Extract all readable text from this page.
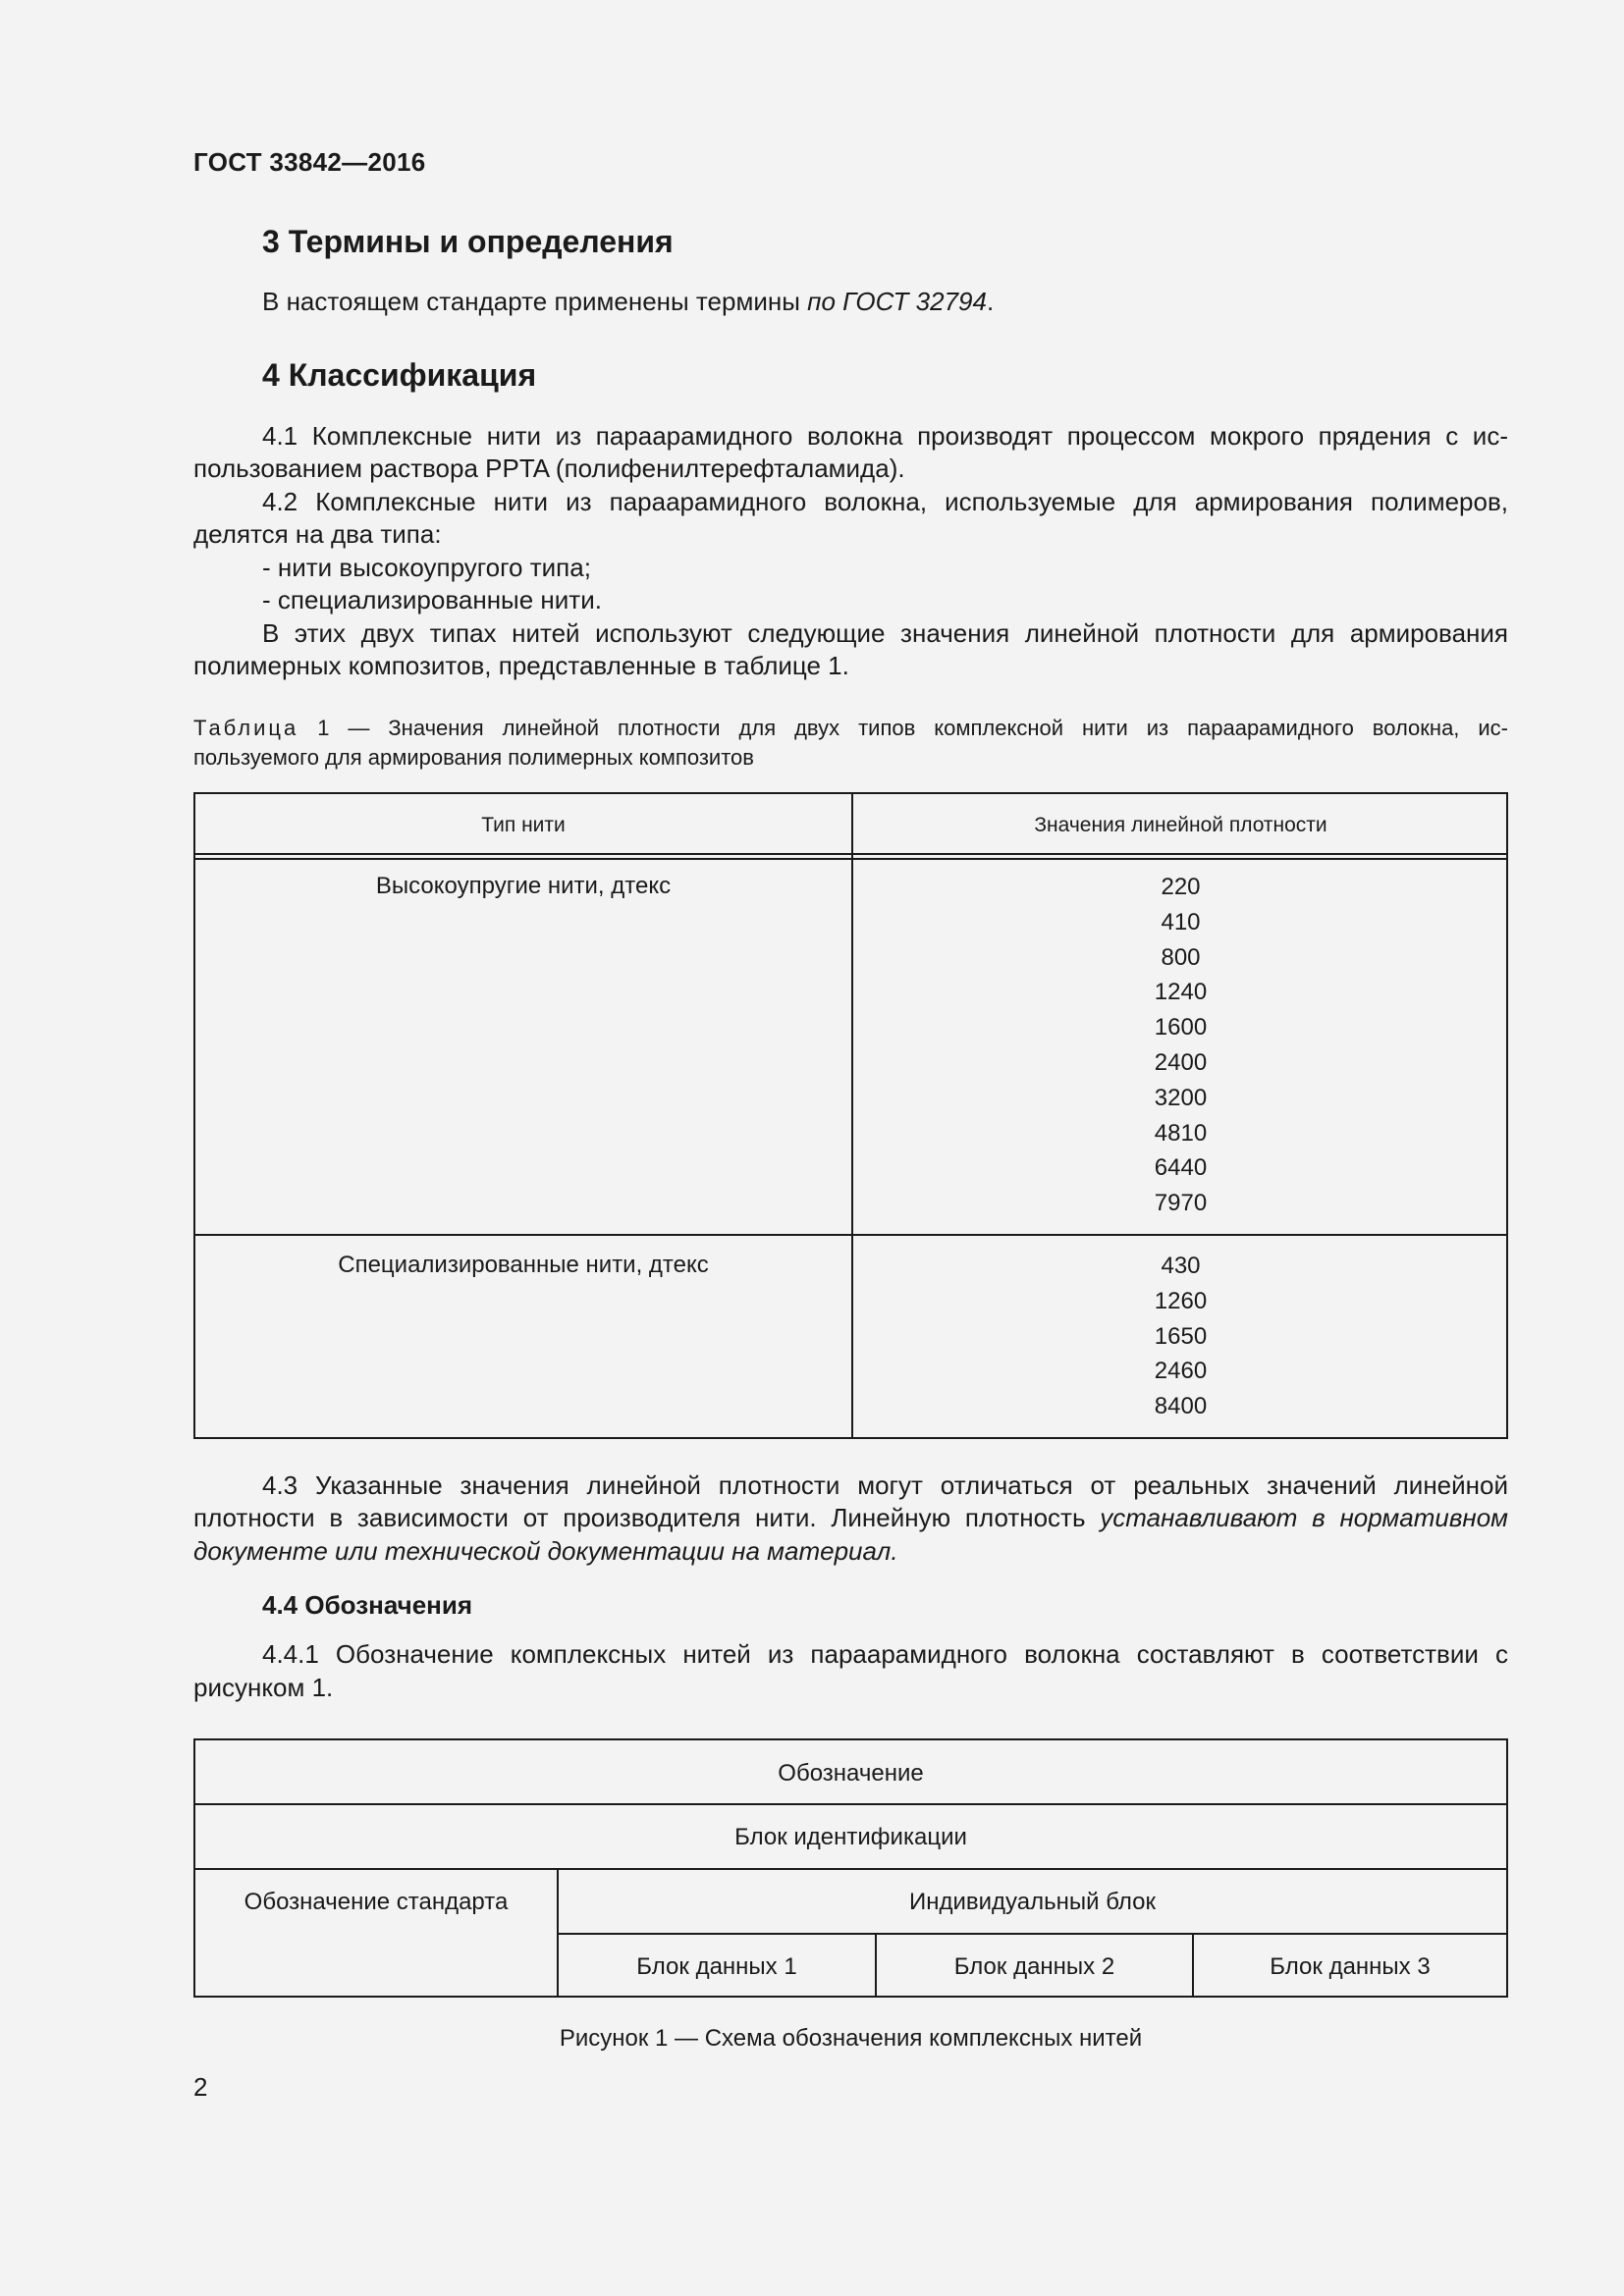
ГОСТ 33842—2016
3 Термины и определения
В настоящем стандарте применены термины по ГОСТ 32794.
4 Классификация
4.1 Комплексные нити из параарамидного волокна производят процессом мокрого прядения с ис-
пользованием раствора PPTA (полифенилтерефталамида).
4.2 Комплексные нити из параарамидного волокна, используемые для армирования полимеров,
делятся на два типа:
- нити высокоупругого типа;
- специализированные нити.
В этих двух типах нитей используют следующие значения линейной плотности для армирования
полимерных композитов, представленные в таблице 1.
Таблица 1 — Значения линейной плотности для двух типов комплексной нити из параарамидного волокна, ис-
пользуемого для армирования полимерных композитов
Тип нити	Значения линейной плотности
Высокоупругие нити, дтекс	220
410
800
1240
1600
2400
3200
4810
6440
7970
Специализированные нити, дтекс	430
1260
1650
2460
8400
4.3 Указанные значения линейной плотности могут отличаться от реальных значений линейной
плотности в зависимости от производителя нити. Линейную плотность устанавливают в нормативном
документе или технической документации на материал.
4.4 Обозначения
4.4.1 Обозначение комплексных нитей из параарамидного волокна составляют в соответствии с
рисунком 1.
Обозначение
Блок идентификации
Обозначение стандарта	Индивидуальный блок
Блок данных 1	Блок данных 2	Блок данных 3
Рисунок 1 — Схема обозначения комплексных нитей
2
